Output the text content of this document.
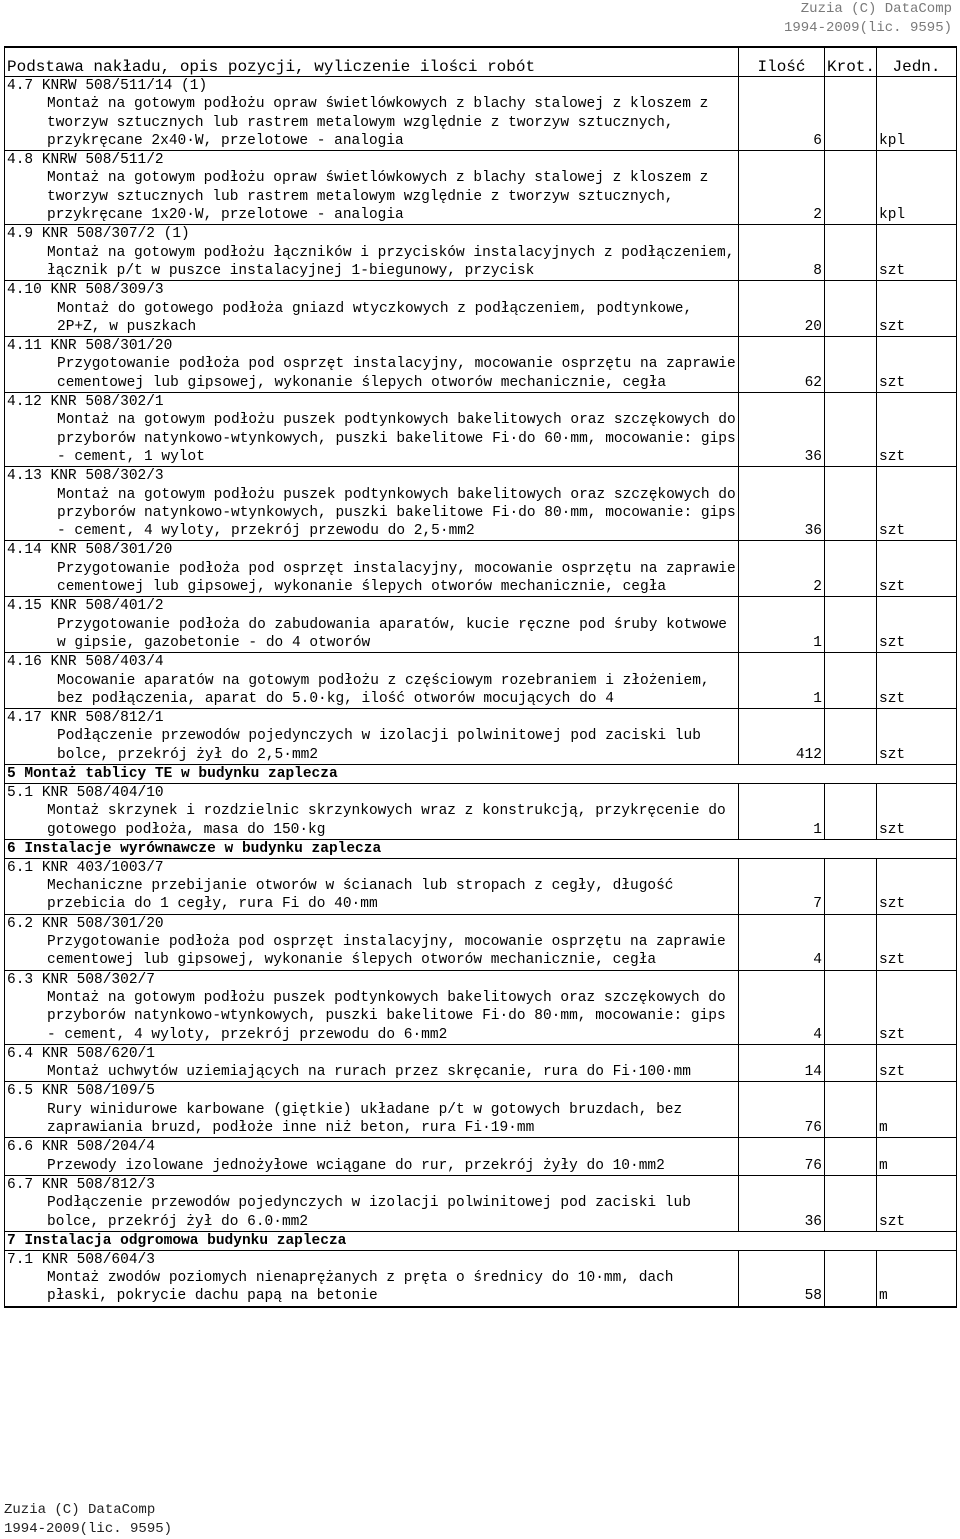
Zuzia (C) DataComp
1994-2009(lic. 9595)
Podstawa nakładu, opis pozycji, wyliczenie ilości robót	Ilość	Krot.	Jedn.

4.7 KNRW 508/511/14 (1)
Montaż na gotowym podłożu opraw świetlówkowych z blachy stalowej z kloszem z tworzyw sztucznych lub rastrem metalowym względnie z tworzyw sztucznych, przykręcane 2x40·W, przelotowe - analogia	6		kpl

4.8 KNRW 508/511/2
Montaż na gotowym podłożu opraw świetlówkowych z blachy stalowej z kloszem z tworzyw sztucznych lub rastrem metalowym względnie z tworzyw sztucznych, przykręcane 1x20·W, przelotowe - analogia	2		kpl

4.9 KNR 508/307/2 (1)
Montaż na gotowym podłożu łączników i przycisków instalacyjnych z podłączeniem, łącznik p/t w puszce instalacyjnej 1-biegunowy, przycisk	8		szt

4.10 KNR 508/309/3
Montaż do gotowego podłoża gniazd wtyczkowych z podłączeniem, podtynkowe, 2P+Z, w puszkach	20		szt

4.11 KNR 508/301/20
Przygotowanie podłoża pod osprzęt instalacyjny, mocowanie osprzętu na zaprawie cementowej lub gipsowej, wykonanie ślepych otworów mechanicznie, cegła	62		szt

4.12 KNR 508/302/1
Montaż na gotowym podłożu puszek podtynkowych bakelitowych oraz szczękowych do przyborów natynkowo-wtynkowych, puszki bakelitowe Fi·do 60·mm, mocowanie: gips - cement, 1 wylot	36		szt

4.13 KNR 508/302/3
Montaż na gotowym podłożu puszek podtynkowych bakelitowych oraz szczękowych do przyborów natynkowo-wtynkowych, puszki bakelitowe Fi·do 80·mm, mocowanie: gips - cement, 4 wyloty, przekrój przewodu do 2,5·mm2	36		szt

4.14 KNR 508/301/20
Przygotowanie podłoża pod osprzęt instalacyjny, mocowanie osprzętu na zaprawie cementowej lub gipsowej, wykonanie ślepych otworów mechanicznie, cegła	2		szt

4.15 KNR 508/401/2
Przygotowanie podłoża do zabudowania aparatów, kucie ręczne pod śruby kotwowe w gipsie, gazobetonie - do 4 otworów	1		szt

4.16 KNR 508/403/4
Mocowanie aparatów na gotowym podłożu z częściowym rozebraniem i złożeniem, bez podłączenia, aparat do 5.0·kg, ilość otworów mocujących do 4	1		szt

4.17 KNR 508/812/1
Podłączenie przewodów pojedynczych w izolacji polwinitowej pod zaciski lub bolce, przekrój żył do 2,5·mm2	412		szt
5 Montaż tablicy TE w budynku zaplecza			

5.1 KNR 508/404/10
Montaż skrzynek i rozdzielnic skrzynkowych wraz z konstrukcją, przykręcenie do gotowego podłoża, masa do 150·kg	1		szt
6 Instalacje wyrównawcze w budynku zaplecza			

6.1 KNR 403/1003/7
Mechaniczne przebijanie otworów w ścianach lub stropach z cegły, długość przebicia do 1 cegły, rura Fi do 40·mm	7		szt

6.2 KNR 508/301/20
Przygotowanie podłoża pod osprzęt instalacyjny, mocowanie osprzętu na zaprawie cementowej lub gipsowej, wykonanie ślepych otworów mechanicznie, cegła	4		szt

6.3 KNR 508/302/7
Montaż na gotowym podłożu puszek podtynkowych bakelitowych oraz szczękowych do przyborów natynkowo-wtynkowych, puszki bakelitowe Fi·do 80·mm, mocowanie: gips - cement, 4 wyloty, przekrój przewodu do 6·mm2	4		szt

6.4 KNR 508/620/1
Montaż uchwytów uziemiających na rurach przez skręcanie, rura do Fi·100·mm	14		szt

6.5 KNR 508/109/5
Rury winidurowe karbowane (giętkie) układane p/t w gotowych bruzdach, bez zaprawiania bruzd, podłoże inne niż beton, rura Fi·19·mm	76		m

6.6 KNR 508/204/4
Przewody izolowane jednożyłowe wciągane do rur, przekrój żyły do 10·mm2	76		m

6.7 KNR 508/812/3
Podłączenie przewodów pojedynczych w izolacji polwinitowej pod zaciski lub bolce, przekrój żył do 6.0·mm2	36		szt
7 Instalacja odgromowa budynku zaplecza			

7.1 KNR 508/604/3
Montaż zwodów poziomych nienaprężanych z pręta o średnicy do 10·mm, dach płaski, pokrycie dachu papą na betonie	58		m
Zuzia (C) DataComp
1994-2009(lic. 9595)
